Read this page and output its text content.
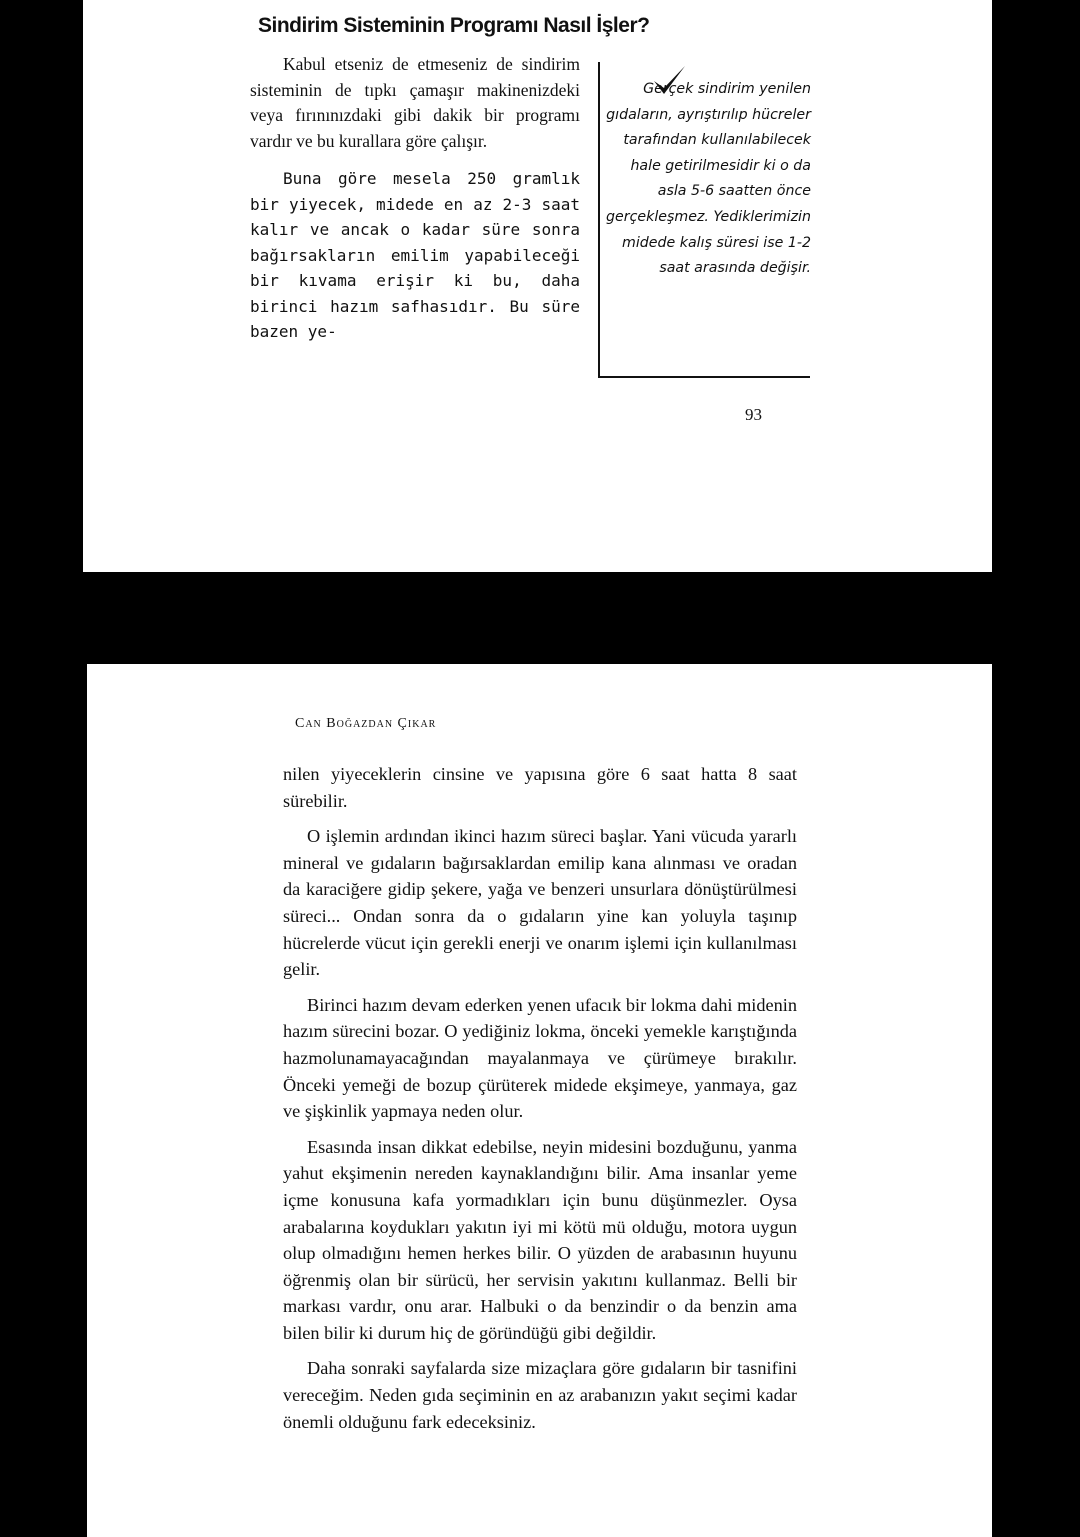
Sindirim Sisteminin Programı Nasıl İşler?

Kabul etseniz de etmeseniz de sindirim sisteminin de tıpkı çamaşır makinenizdeki veya fırınınızdaki gibi dakik bir programı vardır ve bu kurallara göre çalışır.

Buna göre mesela 250 gramlık bir yiyecek, midede en az 2-3 saat kalır ve ancak o kadar süre sonra bağırsakların emilim yapabileceği bir kıvama erişir ki bu, daha birinci hazım safhasıdır. Bu süre bazen ye-

Gerçek sindirim yenilen gıdaların, ayrıştırılıp hücreler tarafından kullanılabilecek hale getirilmesidir ki o da asla 5-6 saatten önce gerçekleşmez. Yediklerimizin midede kalış süresi ise 1-2 saat arasında değişir.
93
Can Boğazdan Çıkar

nilen yiyeceklerin cinsine ve yapısına göre 6 saat hatta 8 saat sürebilir.

O işlemin ardından ikinci hazım süreci başlar. Yani vücuda yararlı mineral ve gıdaların bağırsaklardan emilip kana alınması ve oradan da karaciğere gidip şekere, yağa ve benzeri unsurlara dönüştürülmesi süreci... Ondan sonra da o gıdaların yine kan yoluyla taşınıp hücrelerde vücut için gerekli enerji ve onarım işlemi için kullanılması gelir.

Birinci hazım devam ederken yenen ufacık bir lokma dahi midenin hazım sürecini bozar. O yediğiniz lokma, önceki yemekle karıştığında hazmolunamayacağından mayalanmaya ve çürümeye bırakılır. Önceki yemeği de bozup çürüterek midede ekşimeye, yanmaya, gaz ve şişkinlik yapmaya neden olur.

Esasında insan dikkat edebilse, neyin midesini bozduğunu, yanma yahut ekşimenin nereden kaynaklandığını bilir. Ama insanlar yeme içme konusuna kafa yormadıkları için bunu düşünmezler. Oysa arabalarına koydukları yakıtın iyi mi kötü mü olduğu, motora uygun olup olmadığını hemen herkes bilir. O yüzden de arabasının huyunu öğrenmiş olan bir sürücü, her servisin yakıtını kullanmaz. Belli bir markası vardır, onu arar. Halbuki o da benzindir o da benzin ama bilen bilir ki durum hiç de göründüğü gibi değildir.

Daha sonraki sayfalarda size mizaçlara göre gıdaların bir tasnifini vereceğim. Neden gıda seçiminin en az arabanızın yakıt seçimi kadar önemli olduğunu fark edeceksiniz.
